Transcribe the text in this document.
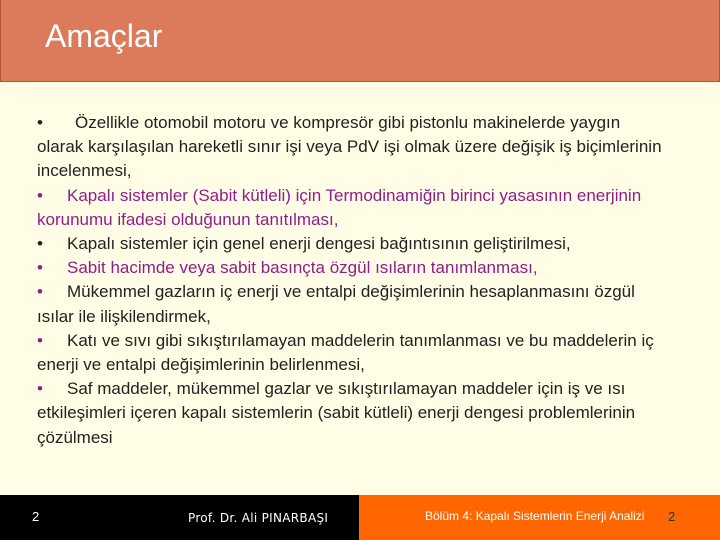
Amaçlar

• Özellikle otomobil motoru ve kompresör gibi pistonlu makinelerde yaygın olarak karşılaşılan hareketli sınır işi veya PdV işi olmak üzere değişik iş biçimlerinin incelenmesi,

• Kapalı sistemler (Sabit kütleli) için Termodinamiğin birinci yasasının enerjinin korunumu ifadesi olduğunun tanıtılması,

• Kapalı sistemler için genel enerji dengesi bağıntısının geliştirilmesi,

• Sabit hacimde veya sabit basınçta özgül ısıların tanımlanması,

• Mükemmel gazların iç enerji ve entalpi değişimlerinin hesaplanmasını özgül ısılar ile ilişkilendirmek,

• Katı ve sıvı gibi sıkıştırılamayan maddelerin tanımlanması ve bu maddelerin iç enerji ve entalpi değişimlerinin belirlenmesi,

• Saf maddeler, mükemmel gazlar ve sıkıştırılamayan maddeler için iş ve ısı etkileşimleri içeren kapalı sistemlerin (sabit kütleli) enerji dengesi problemlerinin çözülmesi

2	Prof. Dr. Ali PINARBAŞI	Bölüm 4: Kapalı Sistemlerin Enerji Analizi 2
